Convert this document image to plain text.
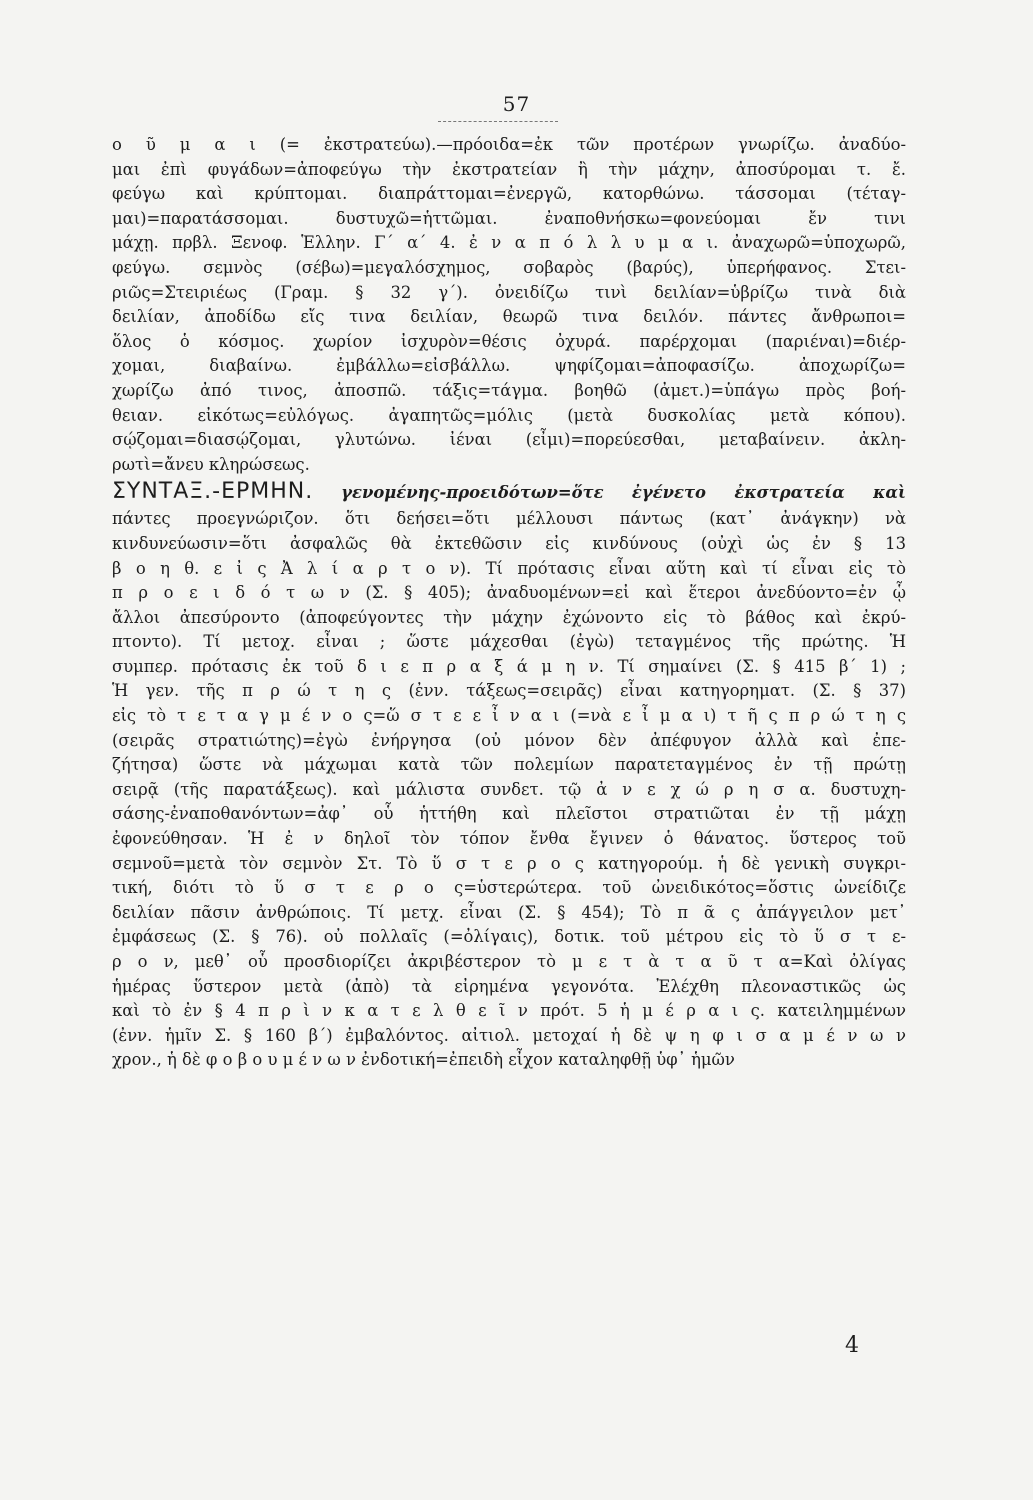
57
ο ῦ μ α ι (= ἐκστρατεύω).—πρόοιδα=ἐκ τῶν προτέρων γνωρίζω. ἀναδύο-
μαι ἐπὶ φυγάδων=ἀποφεύγω τὴν ἐκστρατείαν ἢ τὴν μάχην, ἀποσύρομαι τ. ἔ.
φεύγω καὶ κρύπτομαι. διαπράττομαι=ἐνεργῶ, κατορθώνω. τάσσομαι (τέταγ-
μαι)=παρατάσσομαι. δυστυχῶ=ἡττῶμαι. ἐναποθνήσκω=φονεύομαι ἔν τινι
μάχῃ. πρβλ. Ξενοφ. Ἑλλην. Γ΄ α΄ 4. ἐ ν α π ό λ λ υ μ α ι. ἀναχωρῶ=ὑποχωρῶ,
φεύγω. σεμνὸς (σέβω)=μεγαλόσχημος, σοβαρὸς (βαρύς), ὑπερήφανος. Στει-
ριῶς=Στειριέως (Γραμ. § 32 γ΄). ὀνειδίζω τινὶ δειλίαν=ὑβρίζω τινὰ διὰ
δειλίαν, ἀποδίδω εἴς τινα δειλίαν, θεωρῶ τινα δειλόν. πάντες ἄνθρωποι=
ὅλος ὁ κόσμος. χωρίον ἰσχυρὸν=θέσις ὀχυρά. παρέρχομαι (παριέναι)=διέρ-
χομαι, διαβαίνω. ἐμβάλλω=εἰσβάλλω. ψηφίζομαι=ἀποφασίζω. ἀποχωρίζω=
χωρίζω ἀπό τινος, ἀποσπῶ. τάξις=τάγμα. βοηθῶ (ἀμετ.)=ὑπάγω πρὸς βοή-
θειαν. εἰκότως=εὐλόγως. ἀγαπητῶς=μόλις (μετὰ δυσκολίας μετὰ κόπου).
σῴζομαι=διασῴζομαι, γλυτώνω. ἰέναι (εἶμι)=πορεύεσθαι, μεταβαίνειν. ἀκλη-
ρωτὶ=ἄνευ κληρώσεως.
ΣΥΝΤΑΞ.-ΕΡΜΗΝ. γενομένης-προειδότων=ὅτε ἐγένετο ἐκστρατεία καὶ
πάντες προεγνώριζον. ὅτι δεήσει=ὅτι μέλλουσι πάντως (κατ᾽ ἀνάγκην) νὰ
κινδυνεύωσιν=ὅτι ἀσφαλῶς θὰ ἐκτεθῶσιν εἰς κινδύνους (οὐχὶ ὡς ἐν § 13
β ο η θ. ε ἰ ς Ἀ λ ί α ρ τ ο ν). Τί πρότασις εἶναι αὕτη καὶ τί εἶναι εἰς τὸ
π ρ ο ε ι δ ό τ ω ν (Σ. § 405); ἀναδυομένων=εἰ καὶ ἕτεροι ἀνεδύοντο=ἐν ᾧ
ἄλλοι ἀπεσύροντο (ἀποφεύγοντες τὴν μάχην ἐχώνοντο εἰς τὸ βάθος καὶ ἐκρύ-
πτοντο). Τί μετοχ. εἶναι ; ὥστε μάχεσθαι (ἐγὼ) τεταγμένος τῆς πρώτης. Ἡ
συμπερ. πρότασις ἐκ τοῦ δ ι ε π ρ α ξ ά μ η ν. Τί σημαίνει (Σ. § 415 β΄ 1) ;
Ἡ γεν. τῆς π ρ ώ τ η ς (ἐνν. τάξεως=σειρᾶς) εἶναι κατηγορηματ. (Σ. § 37)
εἰς τὸ τ ε τ α γ μ έ ν ο ς=ὥ σ τ ε ε ἶ ν α ι (=νὰ ε ἶ μ α ι) τ ῆ ς π ρ ώ τ η ς
(σειρᾶς στρατιώτης)=ἐγὼ ἐνήργησα (οὐ μόνον δὲν ἀπέφυγον ἀλλὰ καὶ ἐπε-
ζήτησα) ὥστε νὰ μάχωμαι κατὰ τῶν πολεμίων παρατεταγμένος ἐν τῇ πρώτῃ
σειρᾷ (τῆς παρατάξεως). καὶ μάλιστα συνδετ. τῷ ἀ ν ε χ ώ ρ η σ α. δυστυχη-
σάσης-ἐναποθανόντων=ἀφ᾽ οὗ ἡττήθη καὶ πλεῖστοι στρατιῶται ἐν τῇ μάχῃ
ἐφονεύθησαν. Ἡ ἐ ν δηλοῖ τὸν τόπον ἔνθα ἔγινεν ὁ θάνατος. ὕστερος τοῦ
σεμνοῦ=μετὰ τὸν σεμνὸν Στ. Τὸ ὕ σ τ ε ρ ο ς κατηγορούμ. ἡ δὲ γενικὴ συγκρι-
τική, διότι τὸ ὕ σ τ ε ρ ο ς=ὑστερώτερα. τοῦ ὠνειδικότος=ὅστις ὠνείδιζε
δειλίαν πᾶσιν ἀνθρώποις. Τί μετχ. εἶναι (Σ. § 454); Τὸ π ᾶ ς ἀπάγγειλον μετ᾽
ἐμφάσεως (Σ. § 76). οὐ πολλαῖς (=ὀλίγαις), δοτικ. τοῦ μέτρου εἰς τὸ ὕ σ τ ε-
ρ ο ν, μεθ᾽ οὗ προσδιορίζει ἀκριβέστερον τὸ μ ε τ ὰ τ α ῦ τ α=Καὶ ὀλίγας
ἡμέρας ὕστερον μετὰ (ἀπὸ) τὰ εἰρημένα γεγονότα. Ἐλέχθη πλεοναστικῶς ὡς
καὶ τὸ ἐν § 4 π ρ ὶ ν κ α τ ε λ θ ε ῖ ν πρότ. 5 ἡ μ έ ρ α ι ς. κατειλημμένων
(ἐνν. ἡμῖν Σ. § 160 β΄) ἐμβαλόντος. αἰτιολ. μετοχαί ἡ δὲ ψ η φ ι σ α μ έ ν ω ν
χρον., ἡ δὲ φ ο β ο υ μ έ ν ω ν ἐνδοτική=ἐπειδὴ εἶχον καταληφθῇ ὑφ᾽ ἡμῶν
4
